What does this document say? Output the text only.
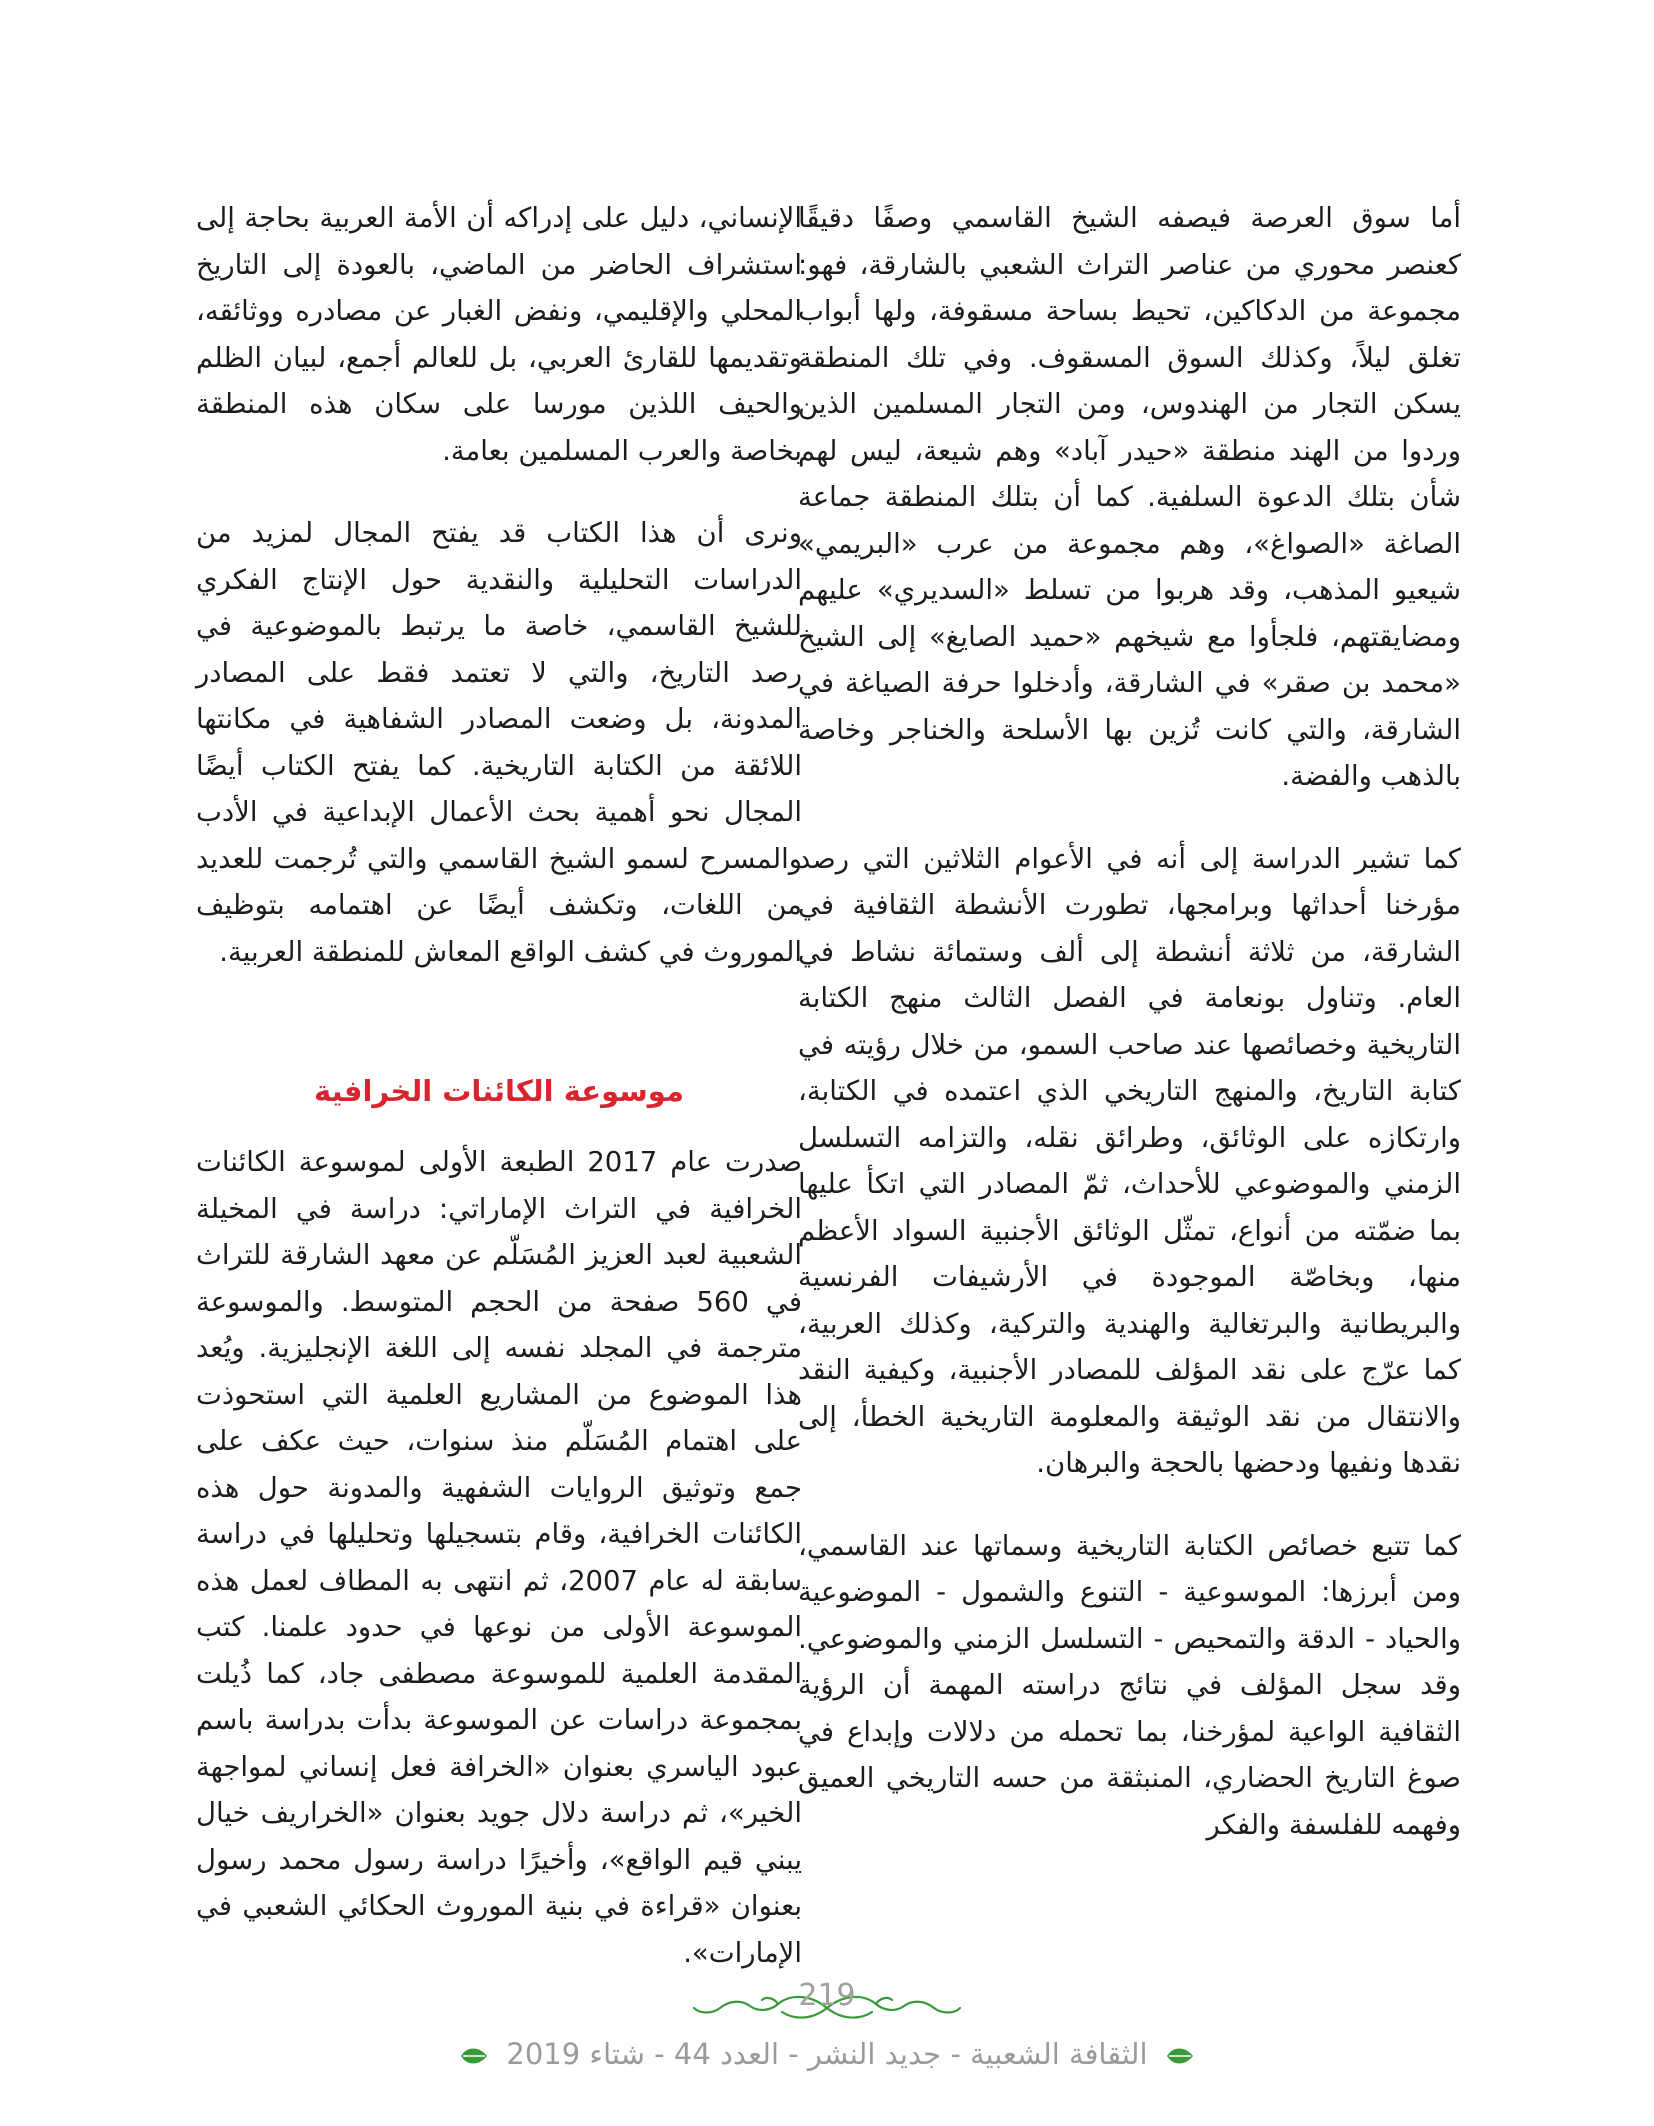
أما سوق العرصة فيصفه الشيخ القاسمي وصفًا دقيقًا كعنصر محوري من عناصر التراث الشعبي بالشارقة، فهو: مجموعة من الدكاكين، تحيط بساحة مسقوفة، ولها أبواب تغلق ليلاً، وكذلك السوق المسقوف. وفي تلك المنطقة يسكن التجار من الهندوس، ومن التجار المسلمين الذين وردوا من الهند منطقة «حيدر آباد» وهم شيعة، ليس لهم شأن بتلك الدعوة السلفية. كما أن بتلك المنطقة جماعة الصاغة «الصواغ»، وهم مجموعة من عرب «البريمي» شيعيو المذهب، وقد هربوا من تسلط «السديري» عليهم ومضايقتهم، فلجأوا مع شيخهم «حميد الصايغ» إلى الشيخ «محمد بن صقر» في الشارقة، وأدخلوا حرفة الصياغة في الشارقة، والتي كانت تُزين بها الأسلحة والخناجر وخاصة بالذهب والفضة.

كما تشير الدراسة إلى أنه في الأعوام الثلاثين التي رصد مؤرخنا أحداثها وبرامجها، تطورت الأنشطة الثقافية في الشارقة، من ثلاثة أنشطة إلى ألف وستمائة نشاط في العام. وتناول بونعامة في الفصل الثالث منهج الكتابة التاريخية وخصائصها عند صاحب السمو، من خلال رؤيته في كتابة التاريخ، والمنهج التاريخي الذي اعتمده في الكتابة، وارتكازه على الوثائق، وطرائق نقله، والتزامه التسلسل الزمني والموضوعي للأحداث، ثمّ المصادر التي اتكأ عليها بما ضمّته من أنواع، تمثّل الوثائق الأجنبية السواد الأعظم منها، وبخاصّة الموجودة في الأرشيفات الفرنسية والبريطانية والبرتغالية والهندية والتركية، وكذلك العربية، كما عرّج على نقد المؤلف للمصادر الأجنبية، وكيفية النقد والانتقال من نقد الوثيقة والمعلومة التاريخية الخطأ، إلى نقدها ونفيها ودحضها بالحجة والبرهان.

كما تتبع خصائص الكتابة التاريخية وسماتها عند القاسمي، ومن أبرزها: الموسوعية - التنوع والشمول - الموضوعية والحياد - الدقة والتمحيص - التسلسل الزمني والموضوعي. وقد سجل المؤلف في نتائج دراسته المهمة أن الرؤية الثقافية الواعية لمؤرخنا، بما تحمله من دلالات وإبداع في صوغ التاريخ الحضاري، المنبثقة من حسه التاريخي العميق وفهمه للفلسفة والفكر

الإنساني، دليل على إدراكه أن الأمة العربية بحاجة إلى استشراف الحاضر من الماضي، بالعودة إلى التاريخ المحلي والإقليمي، ونفض الغبار عن مصادره ووثائقه، وتقديمها للقارئ العربي، بل للعالم أجمع، لبيان الظلم والحيف اللذين مورسا على سكان هذه المنطقة بخاصة والعرب المسلمين بعامة.

ونرى أن هذا الكتاب قد يفتح المجال لمزيد من الدراسات التحليلية والنقدية حول الإنتاج الفكري للشيخ القاسمي، خاصة ما يرتبط بالموضوعية في رصد التاريخ، والتي لا تعتمد فقط على المصادر المدونة، بل وضعت المصادر الشفاهية في مكانتها اللائقة من الكتابة التاريخية. كما يفتح الكتاب أيضًا المجال نحو أهمية بحث الأعمال الإبداعية في الأدب والمسرح لسمو الشيخ القاسمي والتي تُرجمت للعديد من اللغات، وتكشف أيضًا عن اهتمامه بتوظيف الموروث في كشف الواقع المعاش للمنطقة العربية.

موسوعة الكائنات الخرافية

صدرت عام 2017 الطبعة الأولى لموسوعة الكائنات الخرافية في التراث الإماراتي: دراسة في المخيلة الشعبية لعبد العزيز المُسَلّم عن معهد الشارقة للتراث في 560 صفحة من الحجم المتوسط. والموسوعة مترجمة في المجلد نفسه إلى اللغة الإنجليزية. ويُعد هذا الموضوع من المشاريع العلمية التي استحوذت على اهتمام المُسَلّم منذ سنوات، حيث عكف على جمع وتوثيق الروايات الشفهية والمدونة حول هذه الكائنات الخرافية، وقام بتسجيلها وتحليلها في دراسة سابقة له عام 2007، ثم انتهى به المطاف لعمل هذه الموسوعة الأولى من نوعها في حدود علمنا. كتب المقدمة العلمية للموسوعة مصطفى جاد، كما ذُيلت بمجموعة دراسات عن الموسوعة بدأت بدراسة باسم عبود الياسري بعنوان «الخرافة فعل إنساني لمواجهة الخير»، ثم دراسة دلال جويد بعنوان «الخراريف خيال يبني قيم الواقع»، وأخيرًا دراسة رسول محمد رسول بعنوان «قراءة في بنية الموروث الحكائي الشعبي في الإمارات».

219
الثقافة الشعبية - جديد النشر - العدد 44 - شتاء 2019
